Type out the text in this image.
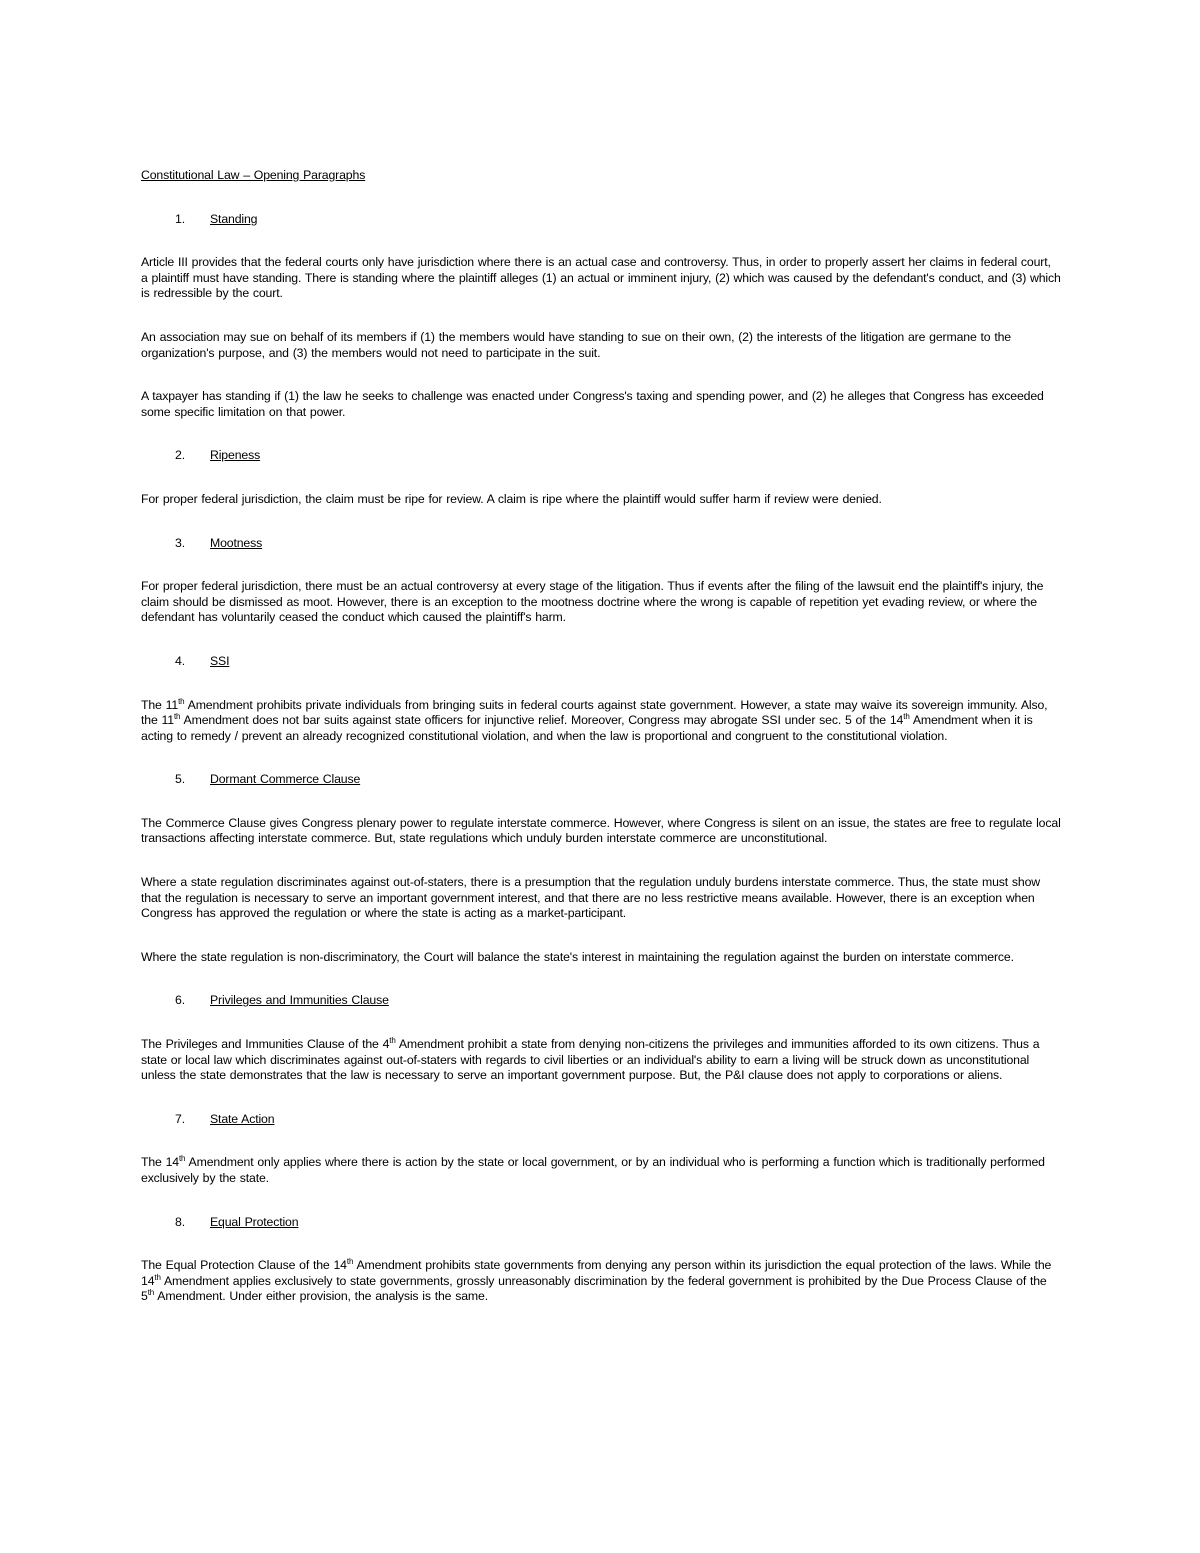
Constitutional Law – Opening Paragraphs
1.	Standing

Article III provides that the federal courts only have jurisdiction where there is an actual case and controversy. Thus, in order to properly assert her claims in federal court, a plaintiff must have standing. There is standing where the plaintiff alleges (1) an actual or imminent injury, (2) which was caused by the defendant's conduct, and (3) which is redressible by the court.

An association may sue on behalf of its members if (1) the members would have standing to sue on their own, (2) the interests of the litigation are germane to the organization's purpose, and (3) the members would not need to participate in the suit.

A taxpayer has standing if (1) the law he seeks to challenge was enacted under Congress's taxing and spending power, and (2) he alleges that Congress has exceeded some specific limitation on that power.

2.	Ripeness

For proper federal jurisdiction, the claim must be ripe for review. A claim is ripe where the plaintiff would suffer harm if review were denied.

3.	Mootness

For proper federal jurisdiction, there must be an actual controversy at every stage of the litigation. Thus if events after the filing of the lawsuit end the plaintiff's injury, the claim should be dismissed as moot. However, there is an exception to the mootness doctrine where the wrong is capable of repetition yet evading review, or where the defendant has voluntarily ceased the conduct which caused the plaintiff's harm.

4.	SSI

The 11th Amendment prohibits private individuals from bringing suits in federal courts against state government. However, a state may waive its sovereign immunity. Also, the 11th Amendment does not bar suits against state officers for injunctive relief. Moreover, Congress may abrogate SSI under sec. 5 of the 14th Amendment when it is acting to remedy / prevent an already recognized constitutional violation, and when the law is proportional and congruent to the constitutional violation.

5.	Dormant Commerce Clause

The Commerce Clause gives Congress plenary power to regulate interstate commerce. However, where Congress is silent on an issue, the states are free to regulate local transactions affecting interstate commerce. But, state regulations which unduly burden interstate commerce are unconstitutional.

Where a state regulation discriminates against out-of-staters, there is a presumption that the regulation unduly burdens interstate commerce. Thus, the state must show that the regulation is necessary to serve an important government interest, and that there are no less restrictive means available. However, there is an exception when Congress has approved the regulation or where the state is acting as a market-participant.

Where the state regulation is non-discriminatory, the Court will balance the state's interest in maintaining the regulation against the burden on interstate commerce.

6.	Privileges and Immunities Clause

The Privileges and Immunities Clause of the 4th Amendment prohibit a state from denying non-citizens the privileges and immunities afforded to its own citizens. Thus a state or local law which discriminates against out-of-staters with regards to civil liberties or an individual's ability to earn a living will be struck down as unconstitutional unless the state demonstrates that the law is necessary to serve an important government purpose. But, the P&I clause does not apply to corporations or aliens.

7.	State Action

The 14th Amendment only applies where there is action by the state or local government, or by an individual who is performing a function which is traditionally performed exclusively by the state.

8.	Equal Protection

The Equal Protection Clause of the 14th Amendment prohibits state governments from denying any person within its jurisdiction the equal protection of the laws. While the 14th Amendment applies exclusively to state governments, grossly unreasonably discrimination by the federal government is prohibited by the Due Process Clause of the 5th Amendment. Under either provision, the analysis is the same.
